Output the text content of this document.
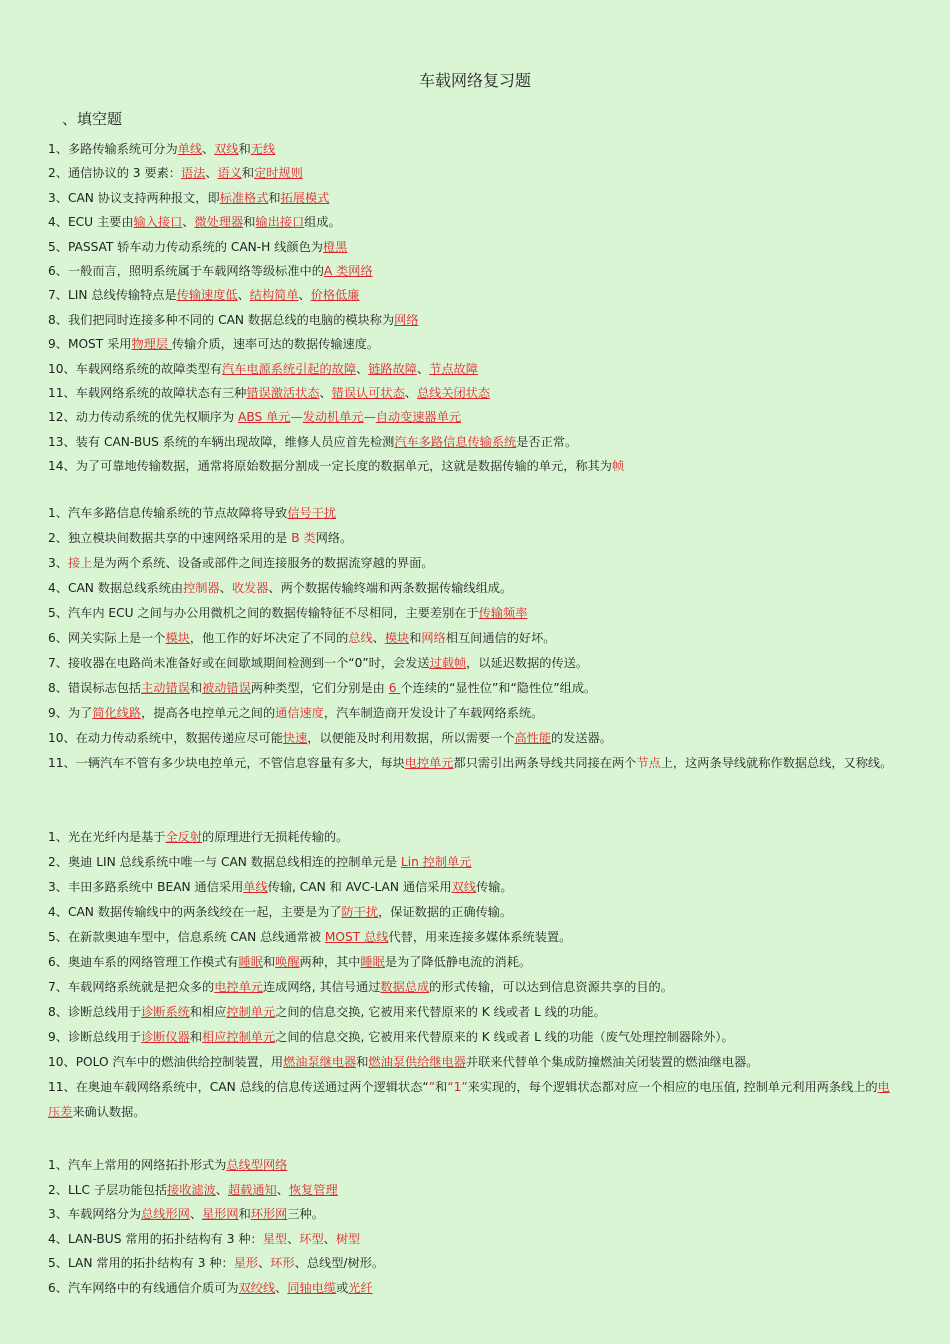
车载网络复习题
、填空题
1、多路传输系统可分为单线、双线和无线
2、通信协议的 3 要素：语法、语义和定时规则
3、CAN 协议支持两种报文，即标准格式和拓展模式
4、ECU 主要由输入接口、微处理器和输出接口组成。
5、PASSAT 轿车动力传动系统的 CAN-H 线颜色为橙黑
6、一般而言，照明系统属于车载网络等级标准中的A 类网络
7、LIN 总线传输特点是传输速度低、结构简单、价格低廉
8、我们把同时连接多种不同的 CAN 数据总线的电脑的模块称为网络
9、MOST 采用物理层 传输介质，速率可达的数据传输速度。
10、车载网络系统的故障类型有汽车电源系统引起的故障、链路故障、节点故障
11、车载网络系统的故障状态有三种错误激活状态、错误认可状态、总线关闭状态
12、动力传动系统的优先权顺序为 ABS 单元—发动机单元—自动变速器单元
13、装有 CAN-BUS 系统的车辆出现故障，维修人员应首先检测汽车多路信息传输系统是否正常。
14、为了可靠地传输数据，通常将原始数据分割成一定长度的数据单元，这就是数据传输的单元，称其为帧
1、汽车多路信息传输系统的节点故障将导致信号干扰
2、独立模块间数据共享的中速网络采用的是 B 类网络。
3、接上是为两个系统、设备或部件之间连接服务的数据流穿越的界面。
4、CAN 数据总线系统由控制器、收发器、两个数据传输终端和两条数据传输线组成。
5、汽车内 ECU 之间与办公用微机之间的数据传输特征不尽相同，主要差别在于传输频率
6、网关实际上是一个模块，他工作的好坏决定了不同的总线、模块和网络相互间通信的好坏。
7、接收器在电路尚未准备好或在间歇域期间检测到一个“0”时，会发送过载帧，以延迟数据的传送。
8、错误标志包括主动错误和被动错误两种类型，它们分别是由 6 个连续的“显性位”和“隐性位”组成。
9、为了简化线路，提高各电控单元之间的通信速度，汽车制造商开发设计了车载网络系统。
10、在动力传动系统中，数据传递应尽可能快速，以便能及时利用数据，所以需要一个高性能的发送器。
11、一辆汽车不管有多少块电控单元，不管信息容量有多大，每块电控单元都只需引出两条导线共同接在两个节点上，这两条导线就称作数据总线，又称线。
1、光在光纤内是基于全反射的原理进行无损耗传输的。
2、奥迪 LIN 总线系统中唯一与 CAN 数据总线相连的控制单元是 Lin 控制单元
3、丰田多路系统中 BEAN 通信采用单线传输, CAN 和 AVC-LAN 通信采用双线传输。
4、CAN 数据传输线中的两条线绞在一起，主要是为了防干扰，保证数据的正确传输。
5、在新款奥迪车型中，信息系统 CAN 总线通常被 MOST 总线代替，用来连接多媒体系统装置。
6、奥迪车系的网络管理工作模式有睡眠和唤醒两种，其中睡眠是为了降低静电流的消耗。
7、车载网络系统就是把众多的电控单元连成网络, 其信号通过数据总成的形式传输，可以达到信息资源共享的目的。
8、诊断总线用于诊断系统和相应控制单元之间的信息交换, 它被用来代替原来的 K 线或者 L 线的功能。
9、诊断总线用于诊断仪器和相应控制单元之间的信息交换, 它被用来代替原来的 K 线或者 L 线的功能（废气处理控制器除外）。
10、POLO 汽车中的燃油供给控制装置，用燃油泵继电器和燃油泵供给继电器并联来代替单个集成防撞燃油关闭装置的燃油继电器。
11、在奥迪车载网络系统中，CAN 总线的信息传送通过两个逻辑状态“”和“1”来实现的，每个逻辑状态都对应一个相应的电压值, 控制单元利用两条线上的电压差来确认数据。
1、汽车上常用的网络拓扑形式为总线型网络
2、LLC 子层功能包括接收滤波、超载通知、恢复管理
3、车载网络分为总线形网、星形网和环形网三种。
4、LAN-BUS 常用的拓扑结构有 3 种：星型、环型、树型
5、LAN 常用的拓扑结构有 3 种：星形、环形、总线型/树形。
6、汽车网络中的有线通信介质可为双绞线、同轴电缆或光纤
